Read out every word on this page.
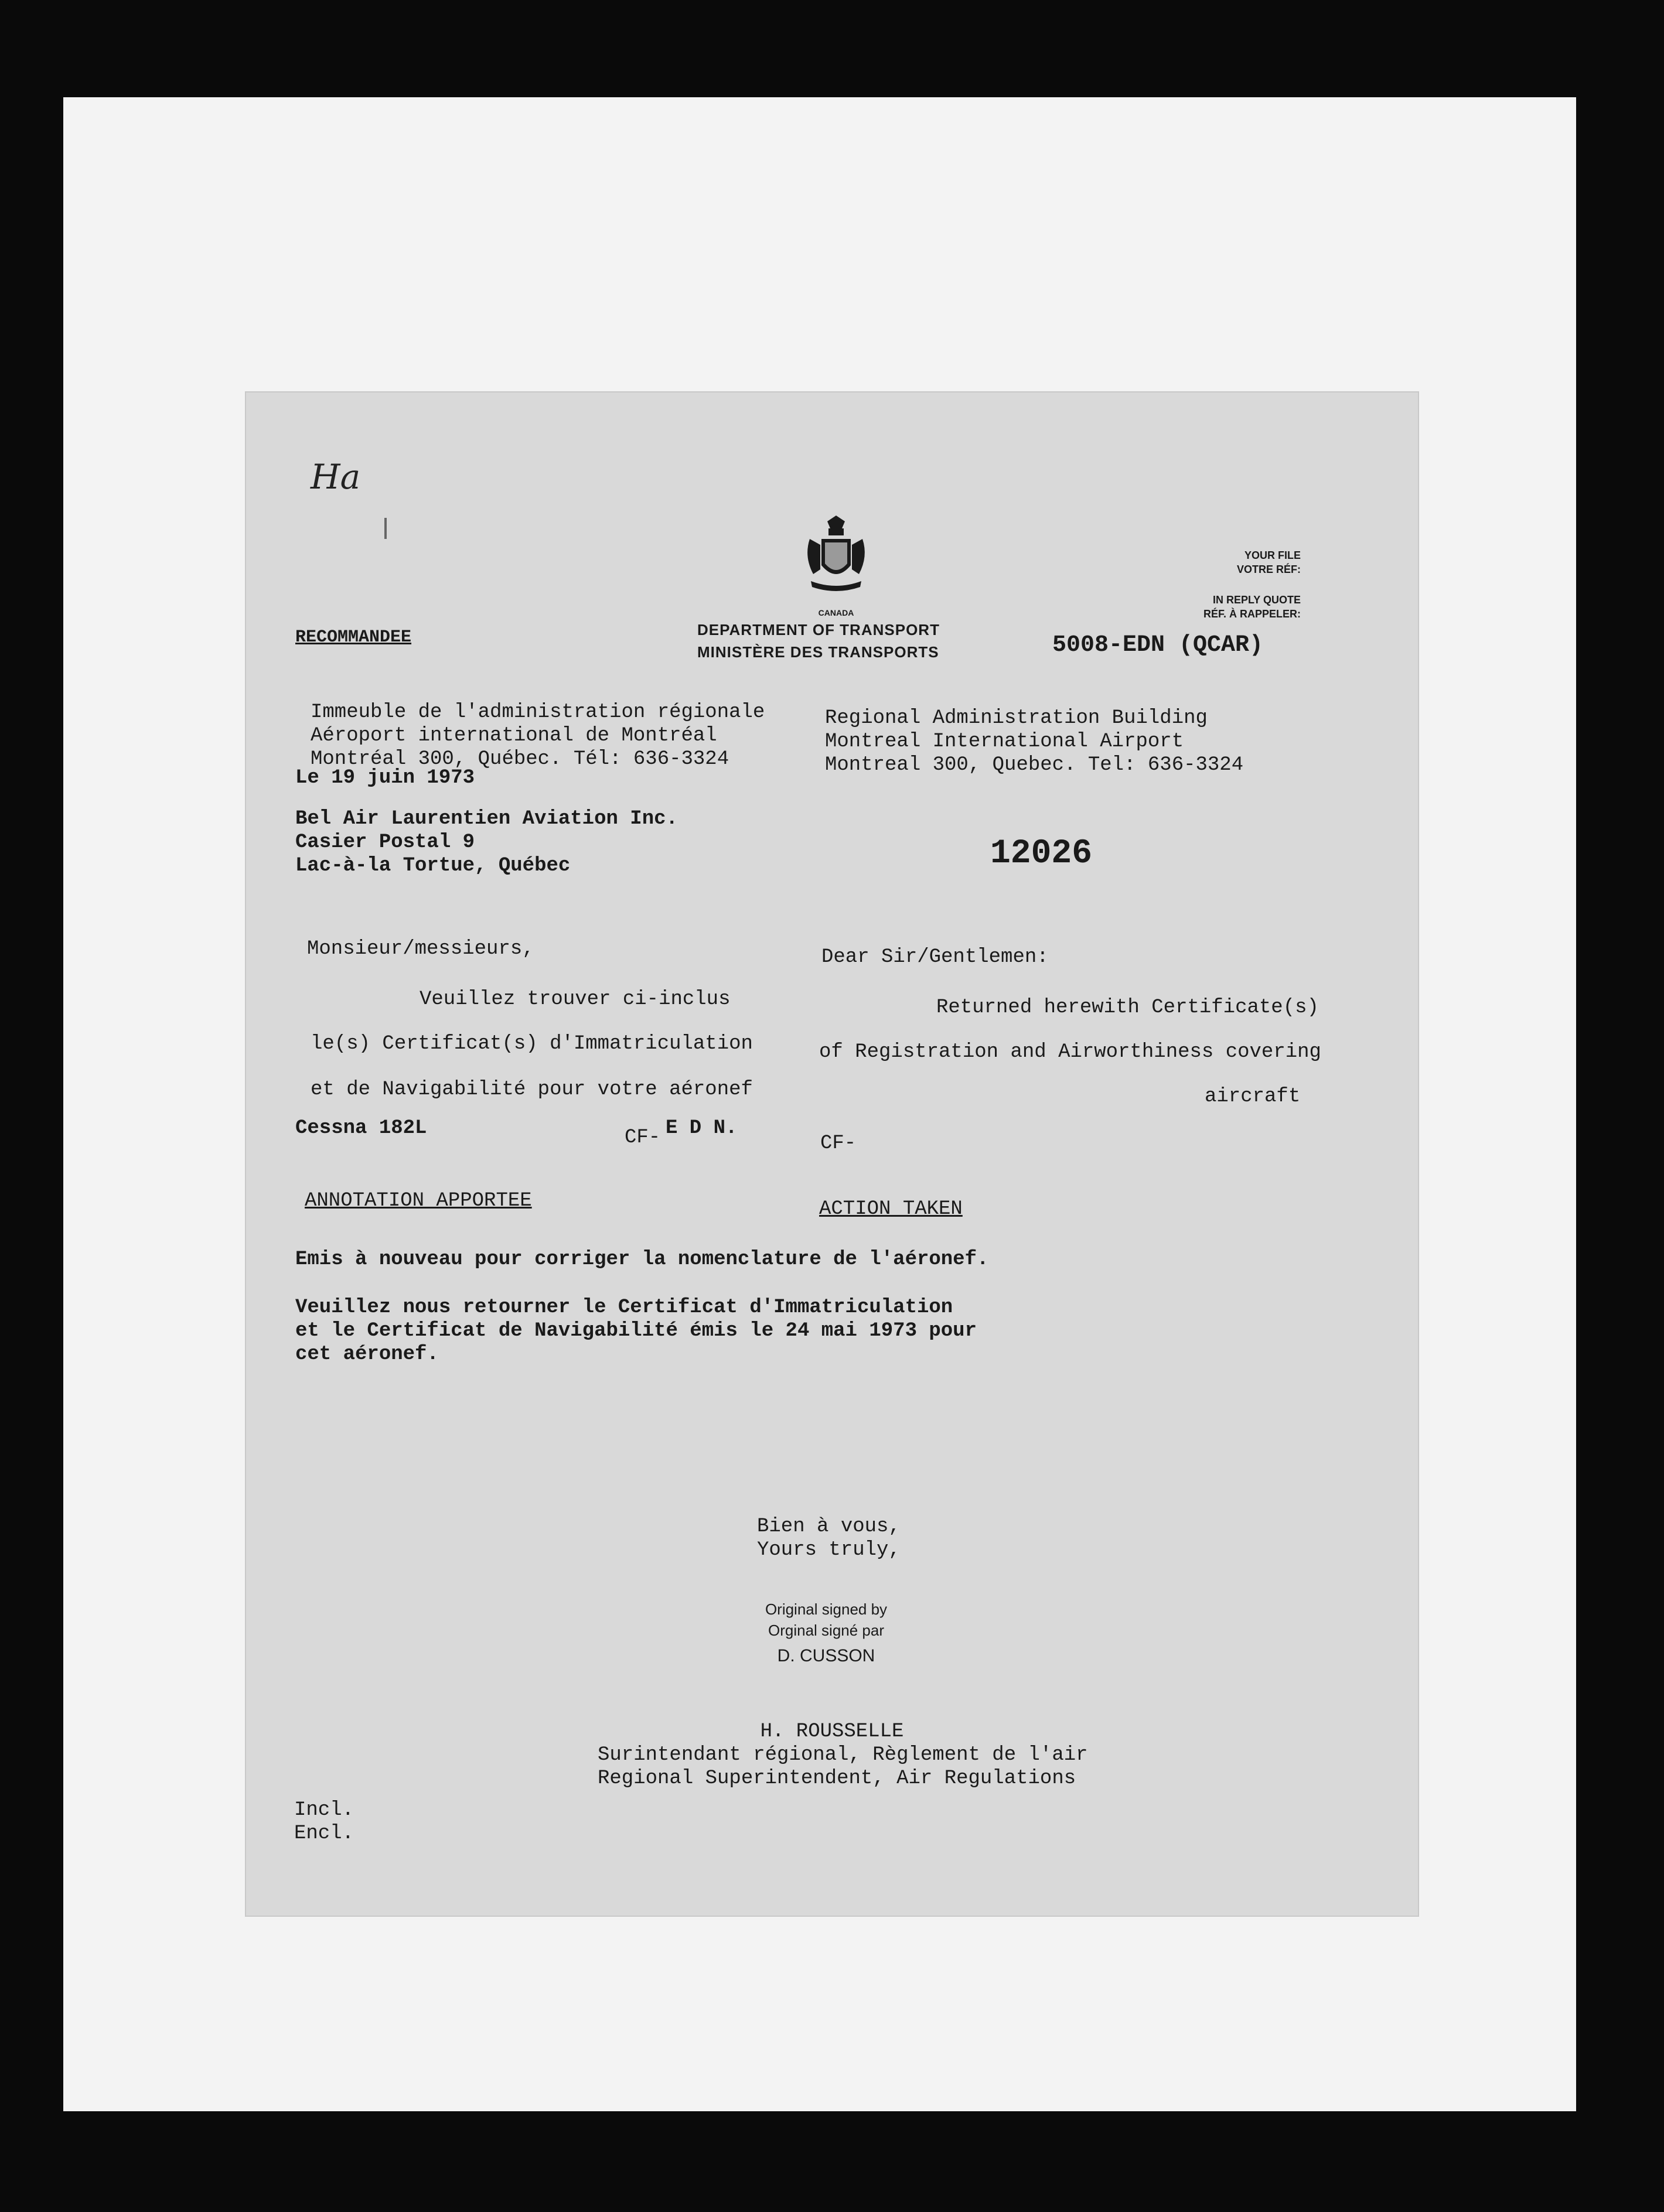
Ha
CANADA
DEPARTMENT OF TRANSPORT
MINISTÈRE DES TRANSPORTS
YOUR FILE
VOTRE RÉF:
IN REPLY QUOTE
RÉF. À RAPPELER:
5008-EDN (QCAR)
RECOMMANDEE
Immeuble de l'administration régionale
Aéroport international de Montréal
Montréal 300, Québec. Tél: 636-3324
Regional Administration Building
Montreal International Airport
Montreal 300, Quebec. Tel: 636-3324
Le 19 juin 1973
Bel Air Laurentien Aviation Inc.
Casier Postal 9
Lac-à-la Tortue, Québec	12026
Monsieur/messieurs,
Veuillez trouver ci-inclus
le(s) Certificat(s) d'Immatriculation
et de Navigabilité pour votre aéronef
Cessna 182L	CF- E D N.
Dear Sir/Gentlemen:
Returned herewith Certificate(s)
of Registration and Airworthiness covering
aircraft
CF-
ANNOTATION APPORTEE	ACTION TAKEN
Emis à nouveau pour corriger la nomenclature de l'aéronef.
Veuillez nous retourner le Certificat d'Immatriculation
et le Certificat de Navigabilité émis le 24 mai 1973 pour
cet aéronef.
Bien à vous,
Yours truly,
Original signed by
Orginal signé par
D. CUSSON
H. ROUSSELLE
Surintendant régional, Règlement de l'air
Regional Superintendent, Air Regulations
Incl.
Encl.
